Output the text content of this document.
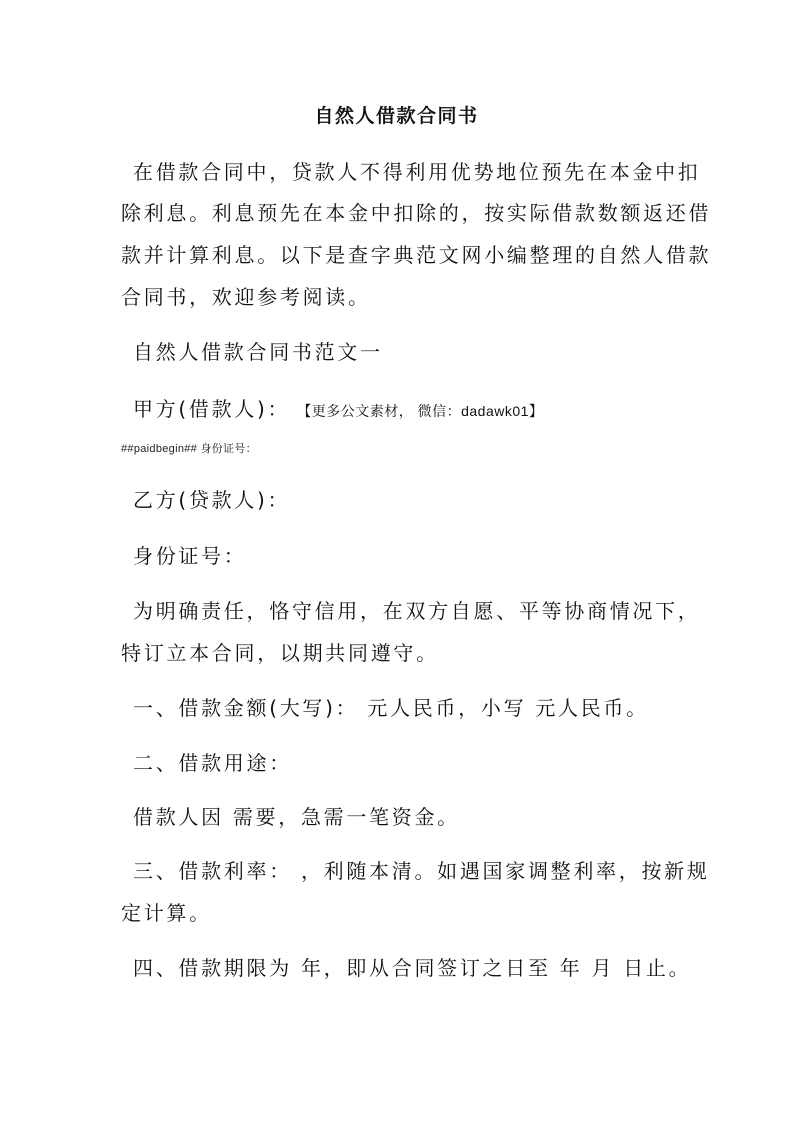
自然人借款合同书

在借款合同中，贷款人不得利用优势地位预先在本金中扣

除利息。利息预先在本金中扣除的，按实际借款数额返还借

款并计算利息。以下是查字典范文网小编整理的自然人借款

合同书，欢迎参考阅读。

自然人借款合同书范文一

甲方(借款人)： 【更多公文素材， 微信：dadawk01】

##paidbegin## 身份证号：

乙方(贷款人)：

身份证号：

为明确责任，恪守信用，在双方自愿、平等协商情况下，

特订立本合同，以期共同遵守。

一、借款金额(大写)： 元人民币，小写 元人民币。

二、借款用途：

借款人因 需要，急需一笔资金。

三、借款利率： ，利随本清。如遇国家调整利率，按新规

定计算。

四、借款期限为 年，即从合同签订之日至 年 月 日止。
